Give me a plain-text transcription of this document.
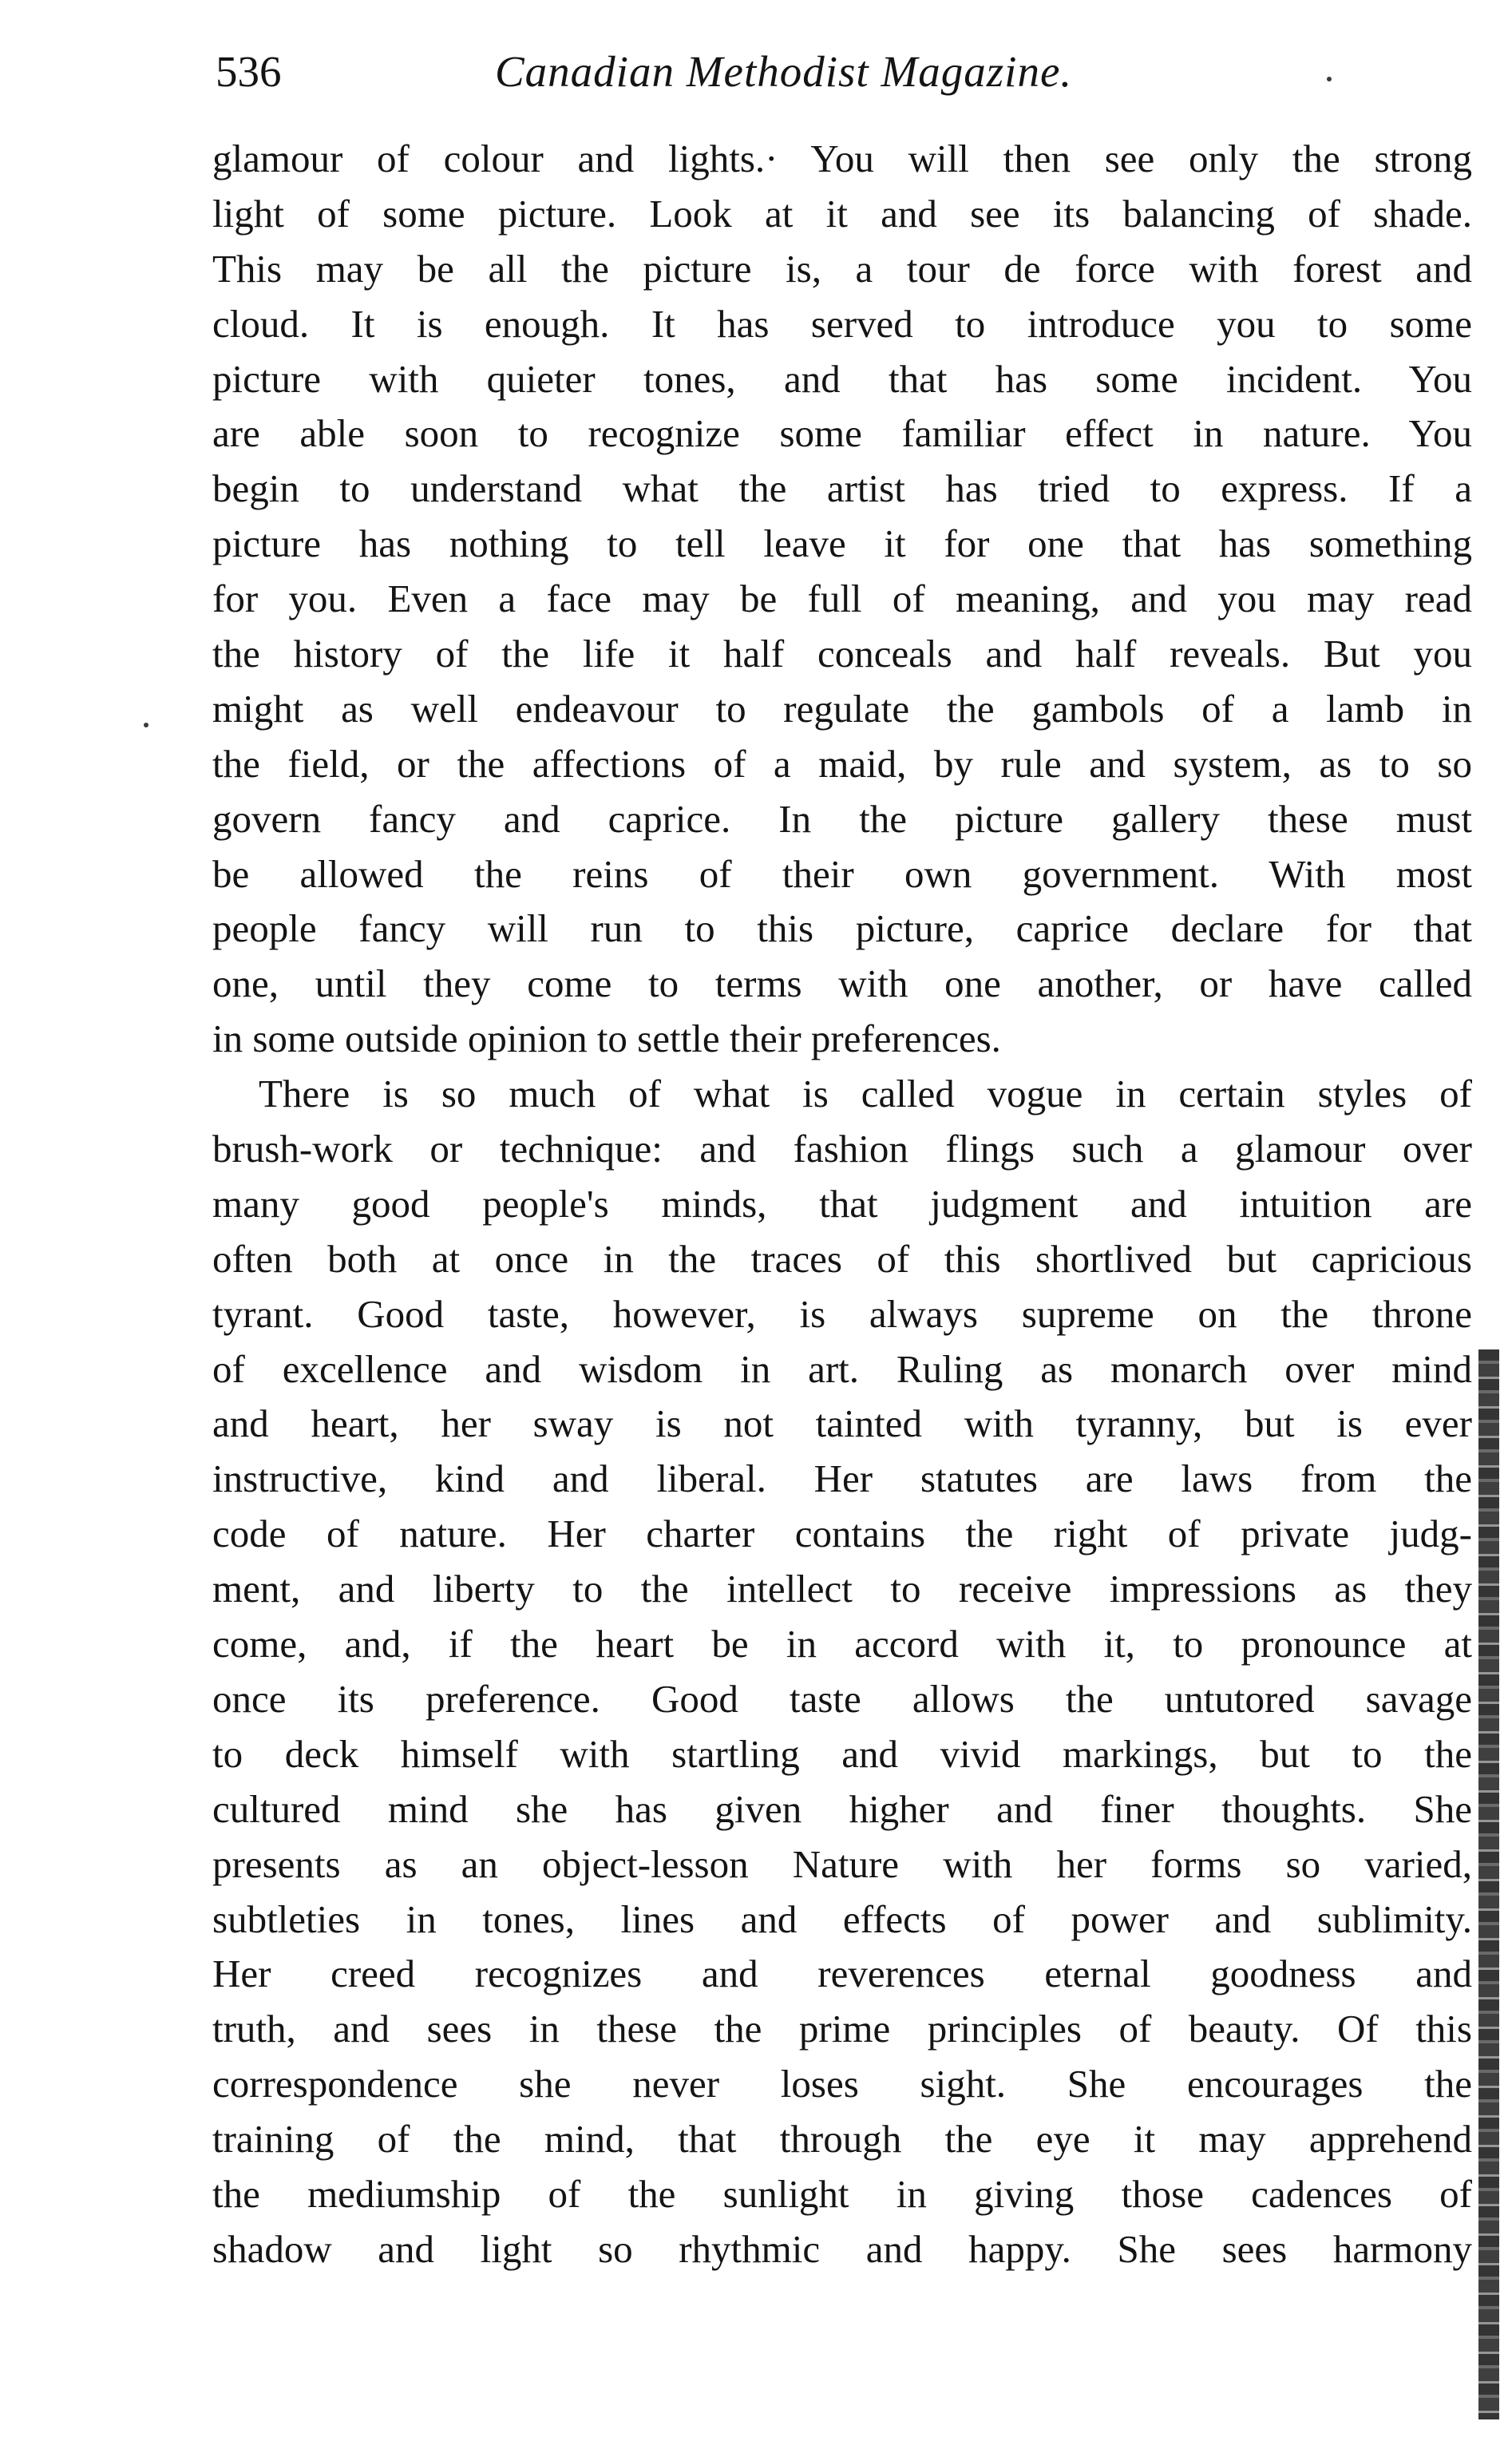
536	Canadian Methodist Magazine.
glamour of colour and lights.· You will then see only the strong
light of some picture. Look at it and see its balancing of shade.
This may be all the picture is, a tour de force with forest and
cloud. It is enough. It has served to introduce you to some
picture with quieter tones, and that has some incident. You
are able soon to recognize some familiar effect in nature. You
begin to understand what the artist has tried to express. If a
picture has nothing to tell leave it for one that has something
for you. Even a face may be full of meaning, and you may read
the history of the life it half conceals and half reveals. But you
might as well endeavour to regulate the gambols of a lamb in
the field, or the affections of a maid, by rule and system, as to so
govern fancy and caprice. In the picture gallery these must
be allowed the reins of their own government. With most
people fancy will run to this picture, caprice declare for that
one, until they come to terms with one another, or have called
in some outside opinion to settle their preferences.
There is so much of what is called vogue in certain styles of
brush-work or technique: and fashion flings such a glamour over
many good people's minds, that judgment and intuition are
often both at once in the traces of this shortlived but capricious
tyrant. Good taste, however, is always supreme on the throne
of excellence and wisdom in art. Ruling as monarch over mind
and heart, her sway is not tainted with tyranny, but is ever
instructive, kind and liberal. Her statutes are laws from the
code of nature. Her charter contains the right of private judg-
ment, and liberty to the intellect to receive impressions as they
come, and, if the heart be in accord with it, to pronounce at
once its preference. Good taste allows the untutored savage
to deck himself with startling and vivid markings, but to the
cultured mind she has given higher and finer thoughts. She
presents as an object-lesson Nature with her forms so varied,
subtleties in tones, lines and effects of power and sublimity.
Her creed recognizes and reverences eternal goodness and
truth, and sees in these the prime principles of beauty. Of this
correspondence she never loses sight. She encourages the
training of the mind, that through the eye it may apprehend
the mediumship of the sunlight in giving those cadences of
shadow and light so rhythmic and happy. She sees harmony
